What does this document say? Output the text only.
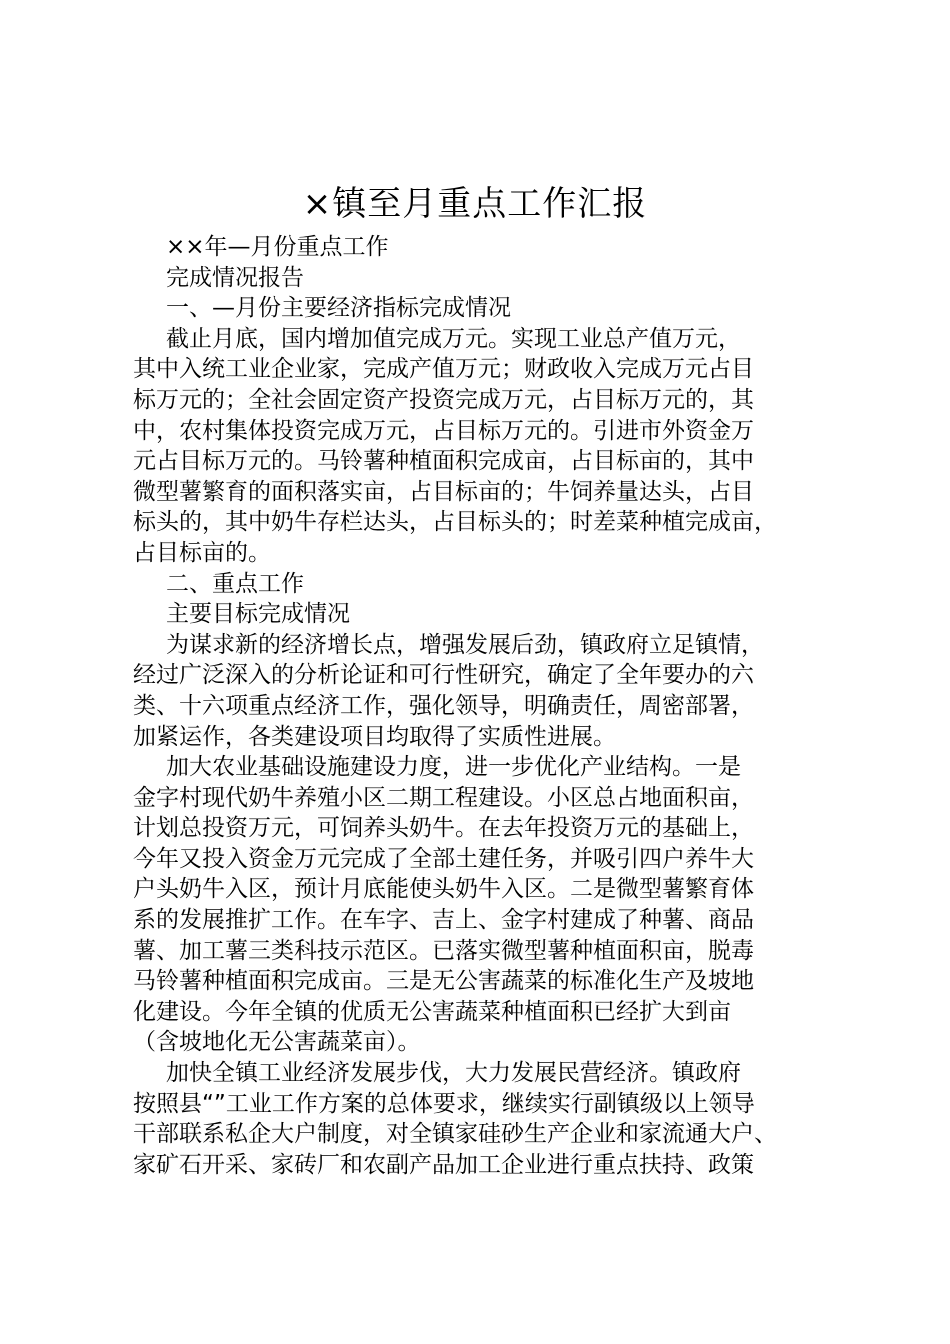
×镇至月重点工作汇报
××年—月份重点工作
完成情况报告
一、—月份主要经济指标完成情况
截止月底，国内增加值完成万元。实现工业总产值万元，
其中入统工业企业家，完成产值万元；财政收入完成万元占目
标万元的；全社会固定资产投资完成万元，占目标万元的，其
中，农村集体投资完成万元，占目标万元的。引进市外资金万
元占目标万元的。马铃薯种植面积完成亩，占目标亩的，其中
微型薯繁育的面积落实亩，占目标亩的；牛饲养量达头，占目
标头的，其中奶牛存栏达头，占目标头的；时差菜种植完成亩，
占目标亩的。
二、重点工作
主要目标完成情况
为谋求新的经济增长点，增强发展后劲，镇政府立足镇情，
经过广泛深入的分析论证和可行性研究，确定了全年要办的六
类、十六项重点经济工作，强化领导，明确责任，周密部署，
加紧运作，各类建设项目均取得了实质性进展。
加大农业基础设施建设力度，进一步优化产业结构。一是
金字村现代奶牛养殖小区二期工程建设。小区总占地面积亩，
计划总投资万元，可饲养头奶牛。在去年投资万元的基础上，
今年又投入资金万元完成了全部土建任务，并吸引四户养牛大
户头奶牛入区，预计月底能使头奶牛入区。二是微型薯繁育体
系的发展推扩工作。在车字、吉上、金字村建成了种薯、商品
薯、加工薯三类科技示范区。已落实微型薯种植面积亩，脱毒
马铃薯种植面积完成亩。三是无公害蔬菜的标准化生产及坡地
化建设。今年全镇的优质无公害蔬菜种植面积已经扩大到亩
（含坡地化无公害蔬菜亩）。
加快全镇工业经济发展步伐，大力发展民营经济。镇政府
按照县“”工业工作方案的总体要求，继续实行副镇级以上领导
干部联系私企大户制度，对全镇家硅砂生产企业和家流通大户、
家矿石开采、家砖厂和农副产品加工企业进行重点扶持、政策
